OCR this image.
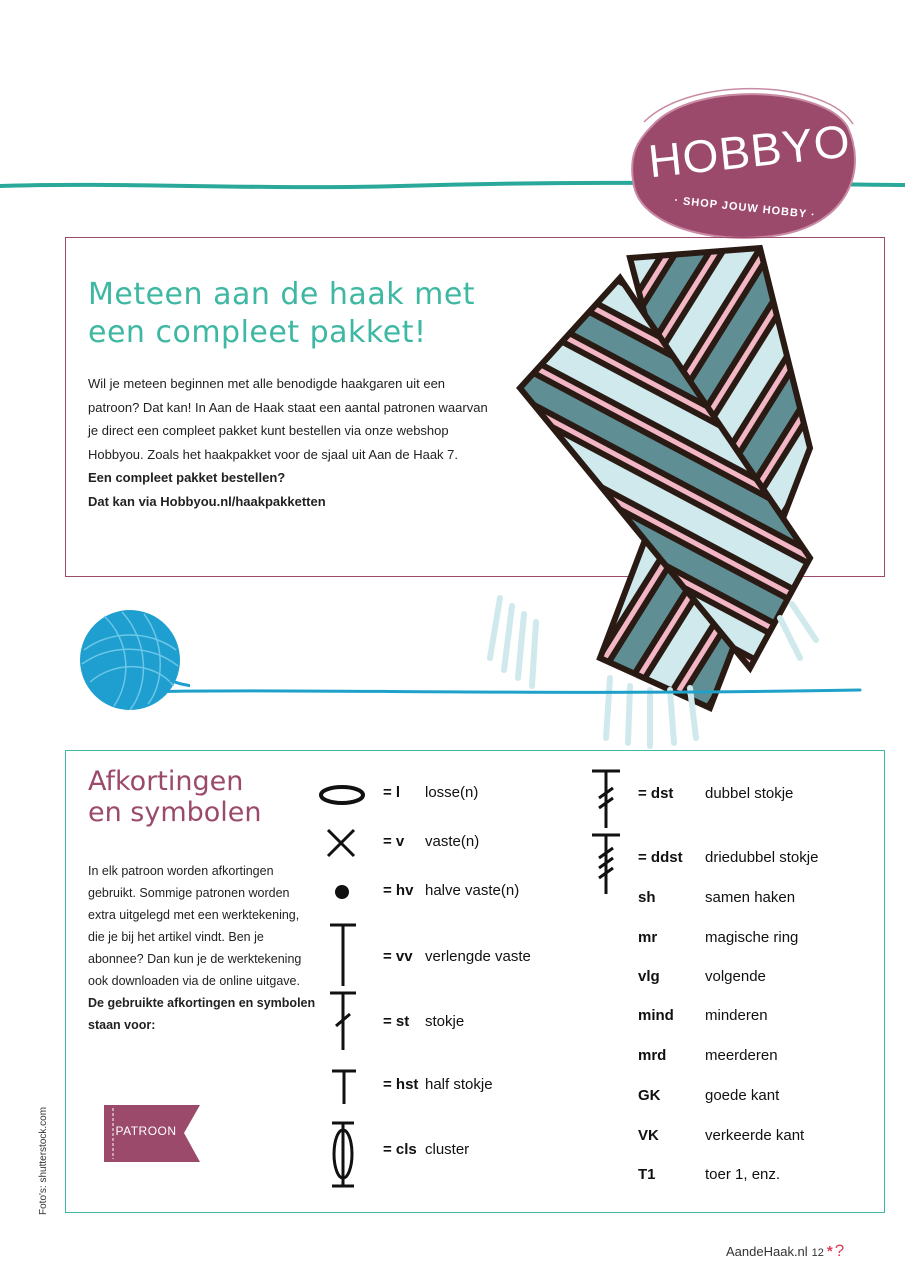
HOBBYOU
· SHOP JOUW HOBBY ·
Meteen aan de haak met een compleet pakket!
Wil je meteen beginnen met alle benodigde haakgaren uit een patroon? Dat kan! In Aan de Haak staat een aantal patronen waarvan je direct een compleet pakket kunt bestellen via onze webshop Hobbyou. Zoals het haakpakket voor de sjaal uit Aan de Haak 7.
Een compleet pakket bestellen?
Dat kan via Hobbyou.nl/haakpakketten
Afkortingen
en symbolen
In elk patroon worden afkortingen gebruikt. Sommige patronen worden extra uitgelegd met een werktekening, die je bij het artikel vindt. Ben je abonnee? Dan kun je de werktekening ook downloaden via de online uitgave.
De gebruikte afkortingen en symbolen staan voor:
PATROON
= l losse(n)
= v vaste(n)
= hv halve vaste(n)
= vv verlengde vaste
= st stokje
= hst half stokje
= cls cluster
= dst dubbel stokje
= ddst driedubbel stokje
sh	samen haken
mr	magische ring
vlg	volgende
mind minderen
mrd	meerderen
GK	goede kant
VK	verkeerde kant
T1	toer 1, enz.
Foto's: shutterstock.com
AandeHaak.nl 12 * ?
